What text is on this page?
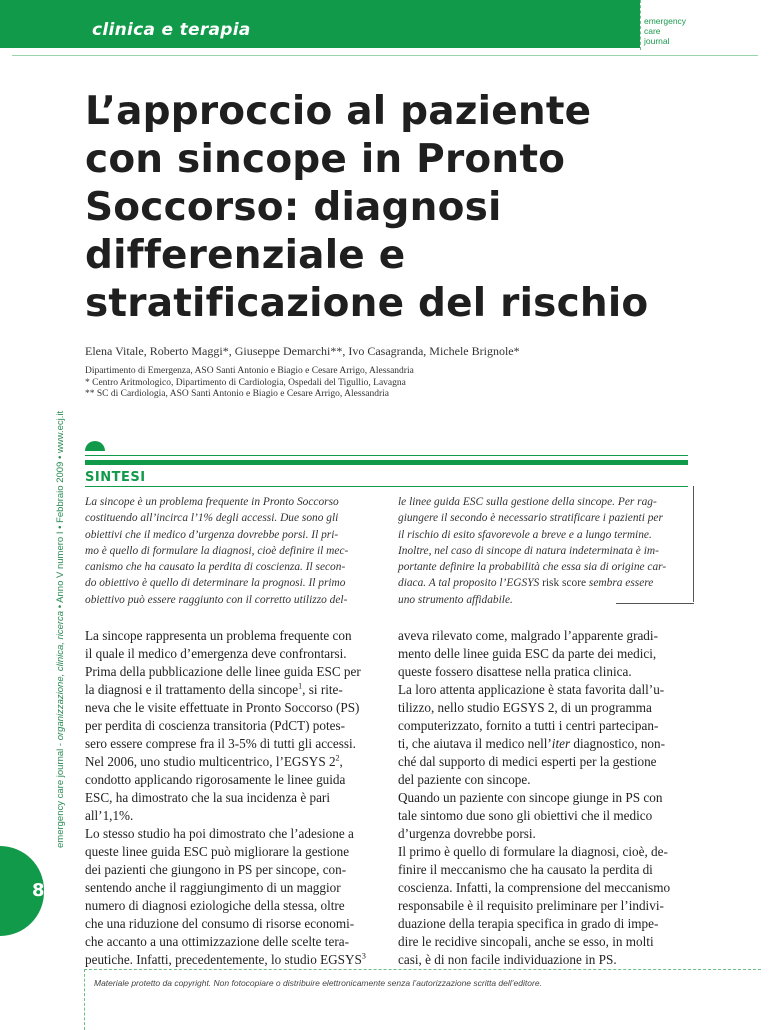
clinica e terapia	emergency
care
journal
L’approccio al paziente
con sincope in Pronto
Soccorso: diagnosi
differenziale e
stratificazione del rischio
Elena Vitale, Roberto Maggi*, Giuseppe Demarchi**, Ivo Casagranda, Michele Brignole*
Dipartimento di Emergenza, ASO Santi Antonio e Biagio e Cesare Arrigo, Alessandria
* Centro Aritmologico, Dipartimento di Cardiologia, Ospedali del Tigullio, Lavagna
** SC di Cardiologia, ASO Santi Antonio e Biagio e Cesare Arrigo, Alessandria
emergency care journal - organizzazione, clinica, ricerca • Anno V numero I • Febbraio 2009 • www.ecj.it
8
SINTESI
La sincope è un problema frequente in Pronto Soccorso
costituendo all’incirca l’1% degli accessi. Due sono gli
obiettivi che il medico d’urgenza dovrebbe porsi. Il pri-
mo è quello di formulare la diagnosi, cioè definire il mec-
canismo che ha causato la perdita di coscienza. Il secon-
do obiettivo è quello di determinare la prognosi. Il primo
obiettivo può essere raggiunto con il corretto utilizzo del-
le linee guida ESC sulla gestione della sincope. Per rag-
giungere il secondo è necessario stratificare i pazienti per
il rischio di esito sfavorevole a breve e a lungo termine.
Inoltre, nel caso di sincope di natura indeterminata è im-
portante definire la probabilità che essa sia di origine car-
diaca. A tal proposito l’EGSYS risk score sembra essere
uno strumento affidabile.

La sincope rappresenta un problema frequente con

il quale il medico d’emergenza deve confrontarsi.

Prima della pubblicazione delle linee guida ESC per

la diagnosi e il trattamento della sincope$^1$, si rite-

neva che le visite effettuate in Pronto Soccorso (PS)

per perdita di coscienza transitoria (PdCT) potes-

sero essere comprese fra il 3-5% di tutti gli accessi.

Nel 2006, uno studio multicentrico, l’EGSYS $2^2$,

condotto applicando rigorosamente le linee guida

ESC, ha dimostrato che la sua incidenza è pari

all’1,1%.

Lo stesso studio ha poi dimostrato che l’adesione a

queste linee guida ESC può migliorare la gestione

dei pazienti che giungono in PS per sincope, con-

sentendo anche il raggiungimento di un maggior

numero di diagnosi eziologiche della stessa, oltre

che una riduzione del consumo di risorse economi-

che accanto a una ottimizzazione delle scelte tera-

peutiche. Infatti, precedentemente, lo studio EGSYS$^3$

aveva rilevato come, malgrado l’apparente gradi-

mento delle linee guida ESC da parte dei medici,

queste fossero disattese nella pratica clinica.

La loro attenta applicazione è stata favorita dall’u-

tilizzo, nello studio EGSYS 2, di un programma

computerizzato, fornito a tutti i centri partecipan-

ti, che aiutava il medico nell’iter diagnostico, non-

ché dal supporto di medici esperti per la gestione

del paziente con sincope.

Quando un paziente con sincope giunge in PS con

tale sintomo due sono gli obiettivi che il medico

d’urgenza dovrebbe porsi.

Il primo è quello di formulare la diagnosi, cioè, de-

finire il meccanismo che ha causato la perdita di

coscienza. Infatti, la comprensione del meccanismo

responsabile è il requisito preliminare per l’indivi-

duazione della terapia specifica in grado di impe-

dire le recidive sincopali, anche se esso, in molti

casi, è di non facile individuazione in PS.

Materiale protetto da copyright. Non fotocopiare o distribuire elettronicamente senza l’autorizzazione scritta dell’editore.
